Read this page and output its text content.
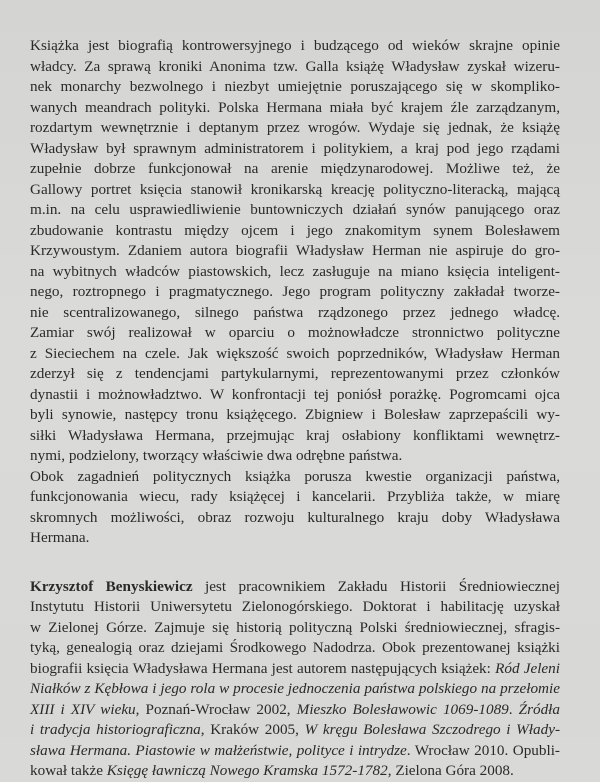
Książka jest biografią kontrowersyjnego i budzącego od wieków skrajne opinie
władcy. Za sprawą kroniki Anonima tzw. Galla książę Władysław zyskał wizeru-
nek monarchy bezwolnego i niezbyt umiejętnie poruszającego się w skompliko-
wanych meandrach polityki. Polska Hermana miała być krajem źle zarządzanym,
rozdartym wewnętrznie i deptanym przez wrogów. Wydaje się jednak, że książę
Władysław był sprawnym administratorem i politykiem, a kraj pod jego rządami
zupełnie dobrze funkcjonował na arenie międzynarodowej. Możliwe też, że
Gallowy portret księcia stanowił kronikarską kreację polityczno-literacką, mającą
m.in. na celu usprawiedliwienie buntowniczych działań synów panującego oraz
zbudowanie kontrastu między ojcem i jego znakomitym synem Bolesławem
Krzywoustym. Zdaniem autora biografii Władysław Herman nie aspiruje do gro-
na wybitnych władców piastowskich, lecz zasługuje na miano księcia inteligent-
nego, roztropnego i pragmatycznego. Jego program polityczny zakładał tworze-
nie scentralizowanego, silnego państwa rządzonego przez jednego władcę.
Zamiar swój realizował w oparciu o możnowładcze stronnictwo polityczne
z Sieciechem na czele. Jak większość swoich poprzedników, Władysław Herman
zderzył się z tendencjami partykularnymi, reprezentowanymi przez członków
dynastii i możnowładztwo. W konfrontacji tej poniósł porażkę. Pogromcami ojca
byli synowie, następcy tronu książęcego. Zbigniew i Bolesław zaprzepaścili wy-
siłki Władysława Hermana, przejmując kraj osłabiony konfliktami wewnętrz-
nymi, podzielony, tworzący właściwie dwa odrębne państwa.
Obok zagadnień politycznych książka porusza kwestie organizacji państwa,
funkcjonowania wiecu, rady książęcej i kancelarii. Przybliża także, w miarę
skromnych możliwości, obraz rozwoju kulturalnego kraju doby Władysława
Hermana.
Krzysztof Benyskiewicz jest pracownikiem Zakładu Historii Średniowiecznej
Instytutu Historii Uniwersytetu Zielonogórskiego. Doktorat i habilitację uzyskał
w Zielonej Górze. Zajmuje się historią polityczną Polski średniowiecznej, sfragis-
tyką, genealogią oraz dziejami Środkowego Nadodrza. Obok prezentowanej książki
biografii księcia Władysława Hermana jest autorem następujących książek: Ród Jeleni
Niałków z Kębłowa i jego rola w procesie jednoczenia państwa polskiego na przełomie
XIII i XIV wieku, Poznań-Wrocław 2002, Mieszko Bolesławowic 1069-1089. Źródła
i tradycja historiograficzna, Kraków 2005, W kręgu Bolesława Szczodrego i Włady-
sława Hermana. Piastowie w małżeństwie, polityce i intrydze. Wrocław 2010. Opubli-
kował także Księgę ławniczą Nowego Kramska 1572-1782, Zielona Góra 2008.
